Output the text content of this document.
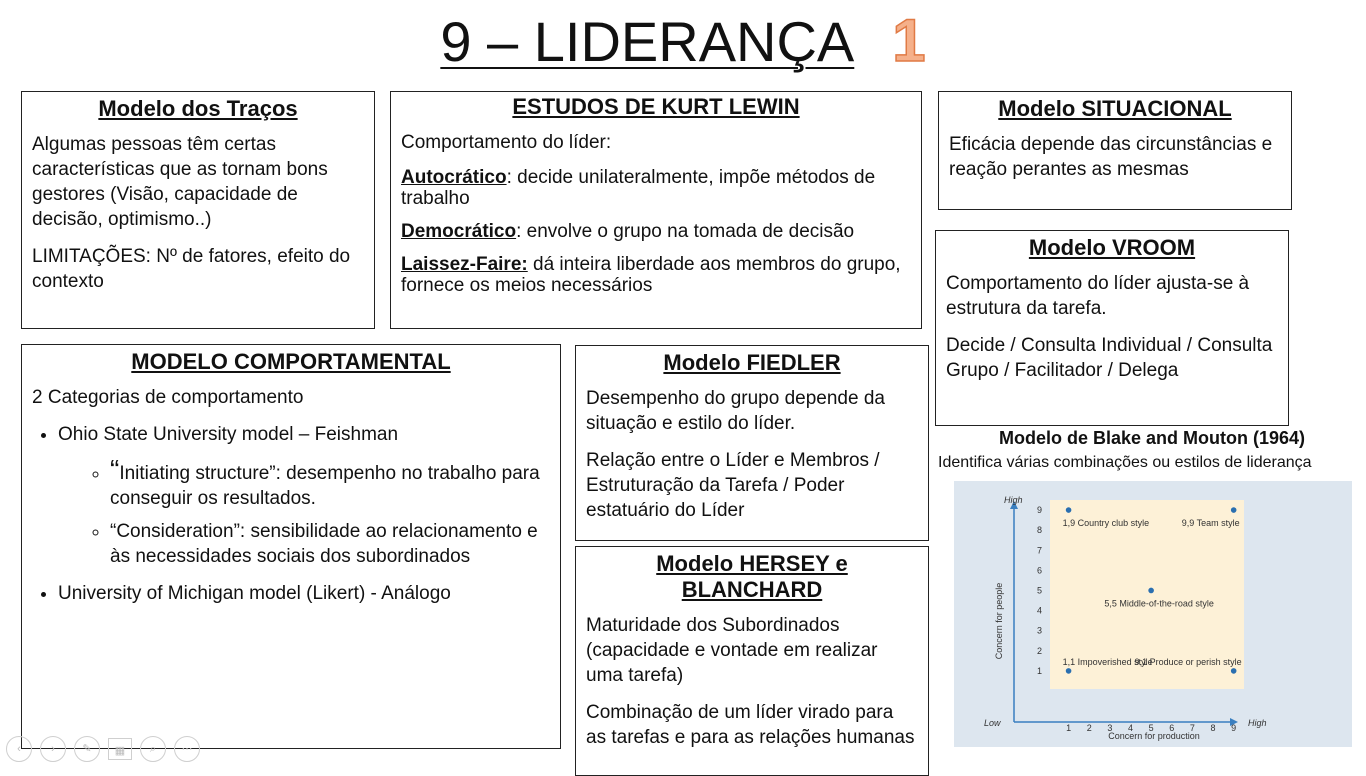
9 – LIDERANÇA 1
Modelo dos Traços

Algumas pessoas têm certas características que as tornam bons gestores (Visão, capacidade de decisão, optimismo..)

LIMITAÇÕES: Nº de fatores, efeito do contexto

ESTUDOS DE KURT LEWIN

Comportamento do líder:

Autocrático: decide unilateralmente, impõe métodos de trabalho

Democrático: envolve o grupo na tomada de decisão

Laissez-Faire: dá inteira liberdade aos membros do grupo, fornece os meios necessários

Modelo SITUACIONAL

Eficácia depende das circunstâncias e reação perantes as mesmas

Modelo VROOM

Comportamento do líder ajusta-se à estrutura da tarefa.

Decide / Consulta Individual / Consulta Grupo / Facilitador / Delega

MODELO COMPORTAMENTAL

2 Categorias de comportamento

• Ohio State University model – Feishman
◦ “Initiating structure”: desempenho no trabalho para conseguir os resultados.
◦ “Consideration”: sensibilidade ao relacionamento e às necessidades sociais dos subordinados
• University of Michigan model (Likert) - Análogo
Modelo FIEDLER

Desempenho do grupo depende da situação e estilo do líder.

Relação entre o Líder e Membros / Estruturação da Tarefa / Poder estatuário do Líder

Modelo HERSEY e BLANCHARD

Maturidade dos Subordinados (capacidade e vontade em realizar uma tarefa)

Combinação de um líder virado para as tarefas e para as relações humanas

Modelo de Blake and Mouton (1964)
Identifica várias combinações ou estilos de liderança
1
1
2
2
3
3
4
4
5
5
6
6
7
7
8
8
9
9
Concern for production
Concern for people
Low	High
High
1,9 Country club style	9,9 Team style
5,5 Middle-of-the-road style
1,1 Impoverished style
9,1 Produce or perish style
‹	›	✎	▦	⌕	⋯
